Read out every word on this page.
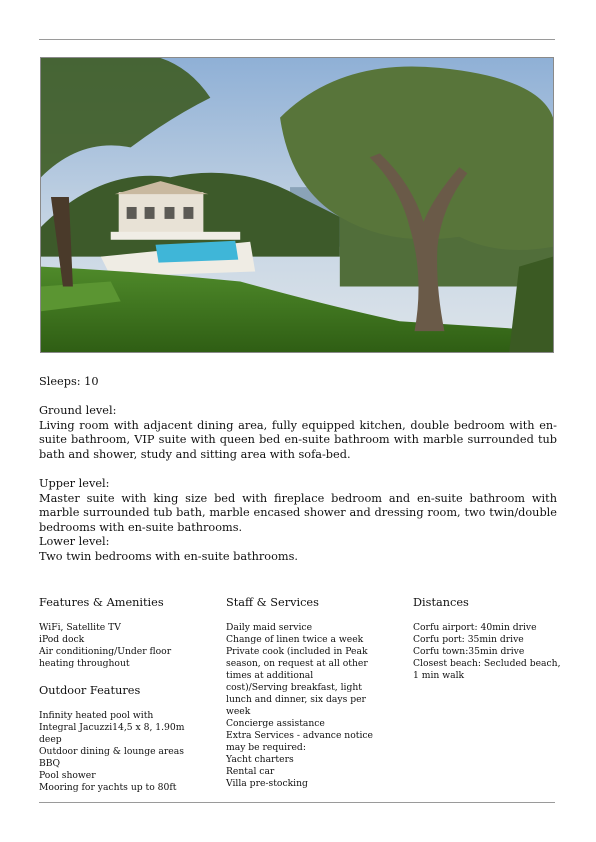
Sleeps: 10

Ground level:

Living room with adjacent dining area, fully equipped kitchen, double bedroom with en-suite bathroom, VIP suite with queen bed en-suite bathroom with marble surrounded tub bath and shower, study and sitting area with sofa-bed.

Upper level:

Master suite with king size bed with fireplace bedroom and en-suite bathroom with marble surrounded tub bath, marble encased shower and dressing room, two twin/double bedrooms with en-suite bathrooms.

Lower level:

Two twin bedrooms with en-suite bathrooms.

Features & Amenities
WiFi, Satellite TV
iPod dock
Air conditioning/Under floor heating throughout
Outdoor Features
Infinity heated pool with Integral Jacuzzi14,5 x 8, 1.90m deep
Outdoor dining & lounge areas
BBQ
Pool shower
Mooring for yachts up to 80ft
Staff & Services
Daily maid service
Change of linen twice a week
Private cook (included in Peak season, on request at all other times at additional cost)/Serving breakfast, light lunch and dinner, six days per week
Concierge assistance
Extra Services - advance notice may be required:
Yacht charters
Rental car
Villa pre-stocking
Distances
Corfu airport: 40min drive
Corfu port: 35min drive
Corfu town:35min drive
Closest beach: Secluded beach, 1 min walk
